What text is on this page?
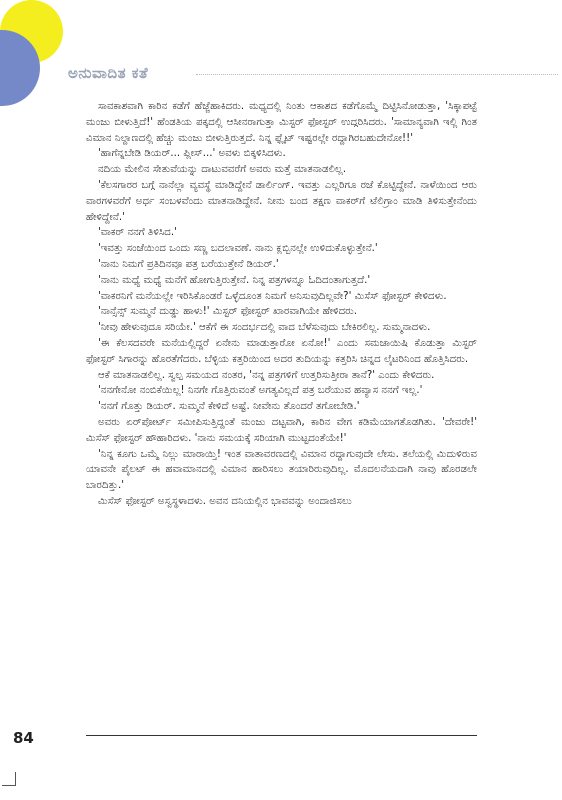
ಅನುವಾದಿತ ಕತೆ

ಸಾವಕಾಶವಾಗಿ ಕಾರಿನ ಕಡೆಗೆ ಹೆಜ್ಜೆಹಾಕಿದರು. ಮಧ್ಯದಲ್ಲಿ ನಿಂತು ಆಕಾಶದ ಕಡೆಗೊಮ್ಮೆ ದಿಟ್ಟಿಸಿನೋಡುತ್ತಾ, 'ಸಿಕ್ಕಾಪಟ್ಟೆ ಮಂಜು ಬೀಳುತ್ತಿದೆ!' ಹೆಂಡತಿಯ ಪಕ್ಕದಲ್ಲಿ ಆಸೀನರಾಗುತ್ತಾ ಮಿಸ್ಟರ್ ಫೋಸ್ಟರ್ ಉದ್ಗರಿಸಿದರು. 'ಸಾಮಾನ್ಯವಾಗಿ ಇಲ್ಲಿ ಗಿಂತ ವಿಮಾನ ನಿಲ್ದಾಣದಲ್ಲಿ ಹೆಚ್ಚು ಮಂಜು ಬೀಳುತ್ತಿರುತ್ತದೆ. ನಿನ್ನ ಫ್ಲೈಟ್ ಇಷ್ಟರಲ್ಲೇ ರದ್ದಾಗಿರಬಹುದೇನೋ!!'

'ಹಾಗೆನ್ನಬೇಡಿ ಡಿಯರ್... ಪ್ಲೀಸ್...' ಅವಳು ಬಿಕ್ಕಳಿಸಿದಳು.

ನದಿಯ ಮೇಲಿನ ಸೇತುವೆಯನ್ನು ದಾಟುವವರೆಗೆ ಅವರು ಮತ್ತೆ ಮಾತನಾಡಲಿಲ್ಲ.

'ಕೆಲಸಗಾರರ ಬಗ್ಗೆ ನಾನೆಲ್ಲಾ ವ್ಯವಸ್ಥೆ ಮಾಡಿದ್ದೇನೆ ಡಾರ್ಲಿಂಗ್. ಇವತ್ತು ಎಲ್ಲರಿಗೂ ರಜೆ ಕೊಟ್ಟಿದ್ದೇನೆ. ನಾಳೆಯಿಂದ ಆರು ವಾರಗಳವರೆಗೆ ಅರ್ಧ ಸಂಬಳವೆಂದು ಮಾತನಾಡಿದ್ದೇನೆ. ನೀನು ಬಂದ ತಕ್ಷಣ ವಾಕರ್‌ಗೆ ಟೆಲಿಗ್ರಾಂ ಮಾಡಿ ತಿಳಿಸುತ್ತೇನೆಂದು ಹೇಳಿದ್ದೇನೆ.'

'ವಾಕರ್ ನನಗೆ ತಿಳಿಸಿದ.'

'ಇವತ್ತು ಸಂಜೆಯಿಂದ ಒಂದು ಸಣ್ಣ ಬದಲಾವಣೆ. ನಾನು ಕ್ಲಬ್ಬಿನಲ್ಲೇ ಉಳಿದುಕೊಳ್ಳುತ್ತೇನೆ.'

'ನಾನು ನಿಮಗೆ ಪ್ರತಿದಿನವೂ ಪತ್ರ ಬರೆಯುತ್ತೇನೆ ಡಿಯರ್.'

'ನಾನು ಮಧ್ಯೆ ಮಧ್ಯೆ ಮನೆಗೆ ಹೋಗುತ್ತಿರುತ್ತೇನೆ. ನಿನ್ನ ಪತ್ರಗಳನ್ನೂ ಓದಿದಂತಾಗುತ್ತದೆ.'

'ವಾಕರನಿಗೆ ಮನೆಯಲ್ಲೇ ಇರಿಸಿಕೊಂಡರೆ ಒಳ್ಳೆದೂಂತ ನಿಮಗೆ ಅನಿಸುವುದಿಲ್ಲವೇ?' ಮಿಸೆಸ್ ಫೋಸ್ಟರ್ ಕೇಳಿದಳು.

'ನಾನ್ಸೆನ್ಸ್ ಸುಮ್ಮನೆ ದುಡ್ಡು ಹಾಳು!' ಮಿಸ್ಟರ್ ಫೋಸ್ಟರ್ ಖಾರವಾಗಿಯೇ ಹೇಳಿದರು.

'ನೀವು ಹೇಳುವುದೂ ಸರಿಯೇ.' ಆಕೆಗೆ ಈ ಸಂದರ್ಭದಲ್ಲಿ ವಾದ ಬೆಳೆಸುವುದು ಬೇಕಿರಲಿಲ್ಲ. ಸುಮ್ಮನಾದಳು.

'ಈ ಕೆಲಸದವರೇ ಮನೆಯಲ್ಲಿದ್ದರೆ ಏನೇನು ಮಾಡುತ್ತಾರೋ ಏನೋ!' ಎಂದು ಸಮಜಾಯಿಷಿ ಕೊಡುತ್ತಾ ಮಿಸ್ಟರ್ ಫೋಸ್ಟರ್ ಸಿಗಾರನ್ನು ಹೊರತೆಗೆದರು. ಬೆಳ್ಳಿಯ ಕತ್ತರಿಯಿಂದ ಅದರ ತುದಿಯನ್ನು ಕತ್ತರಿಸಿ ಚಿನ್ನದ ಲೈಟರಿನಿಂದ ಹೊತ್ತಿಸಿದರು.

ಆಕೆ ಮಾತನಾಡಲಿಲ್ಲ. ಸ್ವಲ್ಪ ಸಮಯದ ನಂತರ, 'ನನ್ನ ಪತ್ರಗಳಿಗೆ ಉತ್ತರಿಸುತ್ತೀರಾ ತಾನೆ?' ಎಂದು ಕೇಳಿದರು.

'ನನಗೇನೋ ನಂಬಿಕೆಯಿಲ್ಲ! ನಿನಗೇ ಗೊತ್ತಿರುವಂತೆ ಅಗತ್ಯವಿಲ್ಲದೆ ಪತ್ರ ಬರೆಯುವ ಹವ್ಯಾಸ ನನಗೆ ಇಲ್ಲ.'

'ನನಗೆ ಗೊತ್ತು ಡಿಯರ್. ಸುಮ್ಮನೆ ಕೇಳಿದೆ ಅಷ್ಟೆ. ನೀವೇನು ತೊಂದರೆ ತಗೋಬೇಡಿ.'

ಅವರು ಏರ್‌ಪೋರ್ಟ್ ಸಮೀಪಿಸುತ್ತಿದ್ದಂತೆ ಮಂಜು ದಟ್ಟವಾಗಿ, ಕಾರಿನ ವೇಗ ಕಡಿಮೆಯಾಗತೊಡಗಿತು. 'ದೇವರೇ!' ಮಿಸೆಸ್ ಫೋಸ್ಟರ್ ಹೌಹಾರಿದಳು. 'ನಾನು ಸಮಯಕ್ಕೆ ಸರಿಯಾಗಿ ಮುಟ್ಟದಂತೆಯೇ!'

'ನಿನ್ನ ಕೂಗು ಒಮ್ಮೆ ನಿಲ್ಲು ಮಾರಾಯ್ತಿ! ಇಂತ ವಾತಾವರಣದಲ್ಲಿ ವಿಮಾನ ರದ್ದಾಗುವುದೇ ಲೇಸು. ತಲೆಯಲ್ಲಿ ಮಿದುಳಿರುವ ಯಾವನೇ ಪೈಲಟ್ ಈ ಹವಾಮಾನದಲ್ಲಿ ವಿಮಾನ ಹಾರಿಸಲು ತಯಾರಿರುವುದಿಲ್ಲ. ಮೊದಲನೆಯದಾಗಿ ನಾವು ಹೊರಡಲೇ ಬಾರದಿತ್ತು.'

ಮಿಸೆಸ್ ಫೋಸ್ಟರ್ ಅಸ್ವಸ್ಥಳಾದಳು. ಅವನ ದನಿಯಲ್ಲಿನ ಭಾವವನ್ನು ಅಂದಾಜಿಸಲು

84
